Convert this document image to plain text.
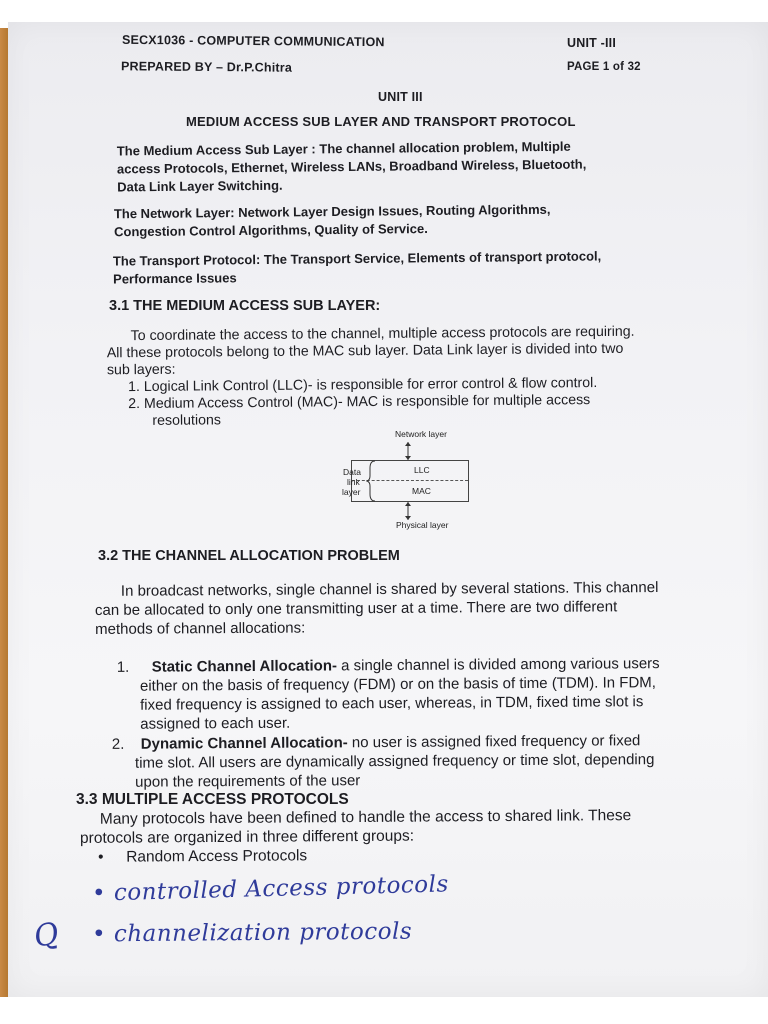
SECX1036 - COMPUTER COMMUNICATION	UNIT -III
PREPARED BY – Dr.P.Chitra	PAGE 1 of 32
UNIT III
MEDIUM ACCESS SUB LAYER AND TRANSPORT PROTOCOL
The Medium Access Sub Layer : The channel allocation problem, Multiple
access Protocols, Ethernet, Wireless LANs, Broadband Wireless, Bluetooth,
Data Link Layer Switching.
The Network Layer: Network Layer Design Issues, Routing Algorithms,
Congestion Control Algorithms, Quality of Service.
The Transport Protocol: The Transport Service, Elements of transport protocol,
Performance Issues
3.1 THE MEDIUM ACCESS SUB LAYER:
To coordinate the access to the channel, multiple access protocols are requiring.
All these protocols belong to the MAC sub layer. Data Link layer is divided into two
sub layers:
1. Logical Link Control (LLC)- is responsible for error control & flow control.
2. Medium Access Control (MAC)- MAC is responsible for multiple access
resolutions
Network layer
LLC
MAC
Data
link
layer
Physical layer
3.2 THE CHANNEL ALLOCATION PROBLEM
In broadcast networks, single channel is shared by several stations. This channel
can be allocated to only one transmitting user at a time. There are two different
methods of channel allocations:
1. Static Channel Allocation- a single channel is divided among various users
either on the basis of frequency (FDM) or on the basis of time (TDM). In FDM,
fixed frequency is assigned to each user, whereas, in TDM, fixed time slot is
assigned to each user.
2. Dynamic Channel Allocation- no user is assigned fixed frequency or fixed
time slot. All users are dynamically assigned frequency or time slot, depending
upon the requirements of the user
3.3 MULTIPLE ACCESS PROTOCOLS
Many protocols have been defined to handle the access to shared link. These
protocols are organized in three different groups:
• Random Access Protocols
• controlled Access protocols
• channelization protocols
Q
